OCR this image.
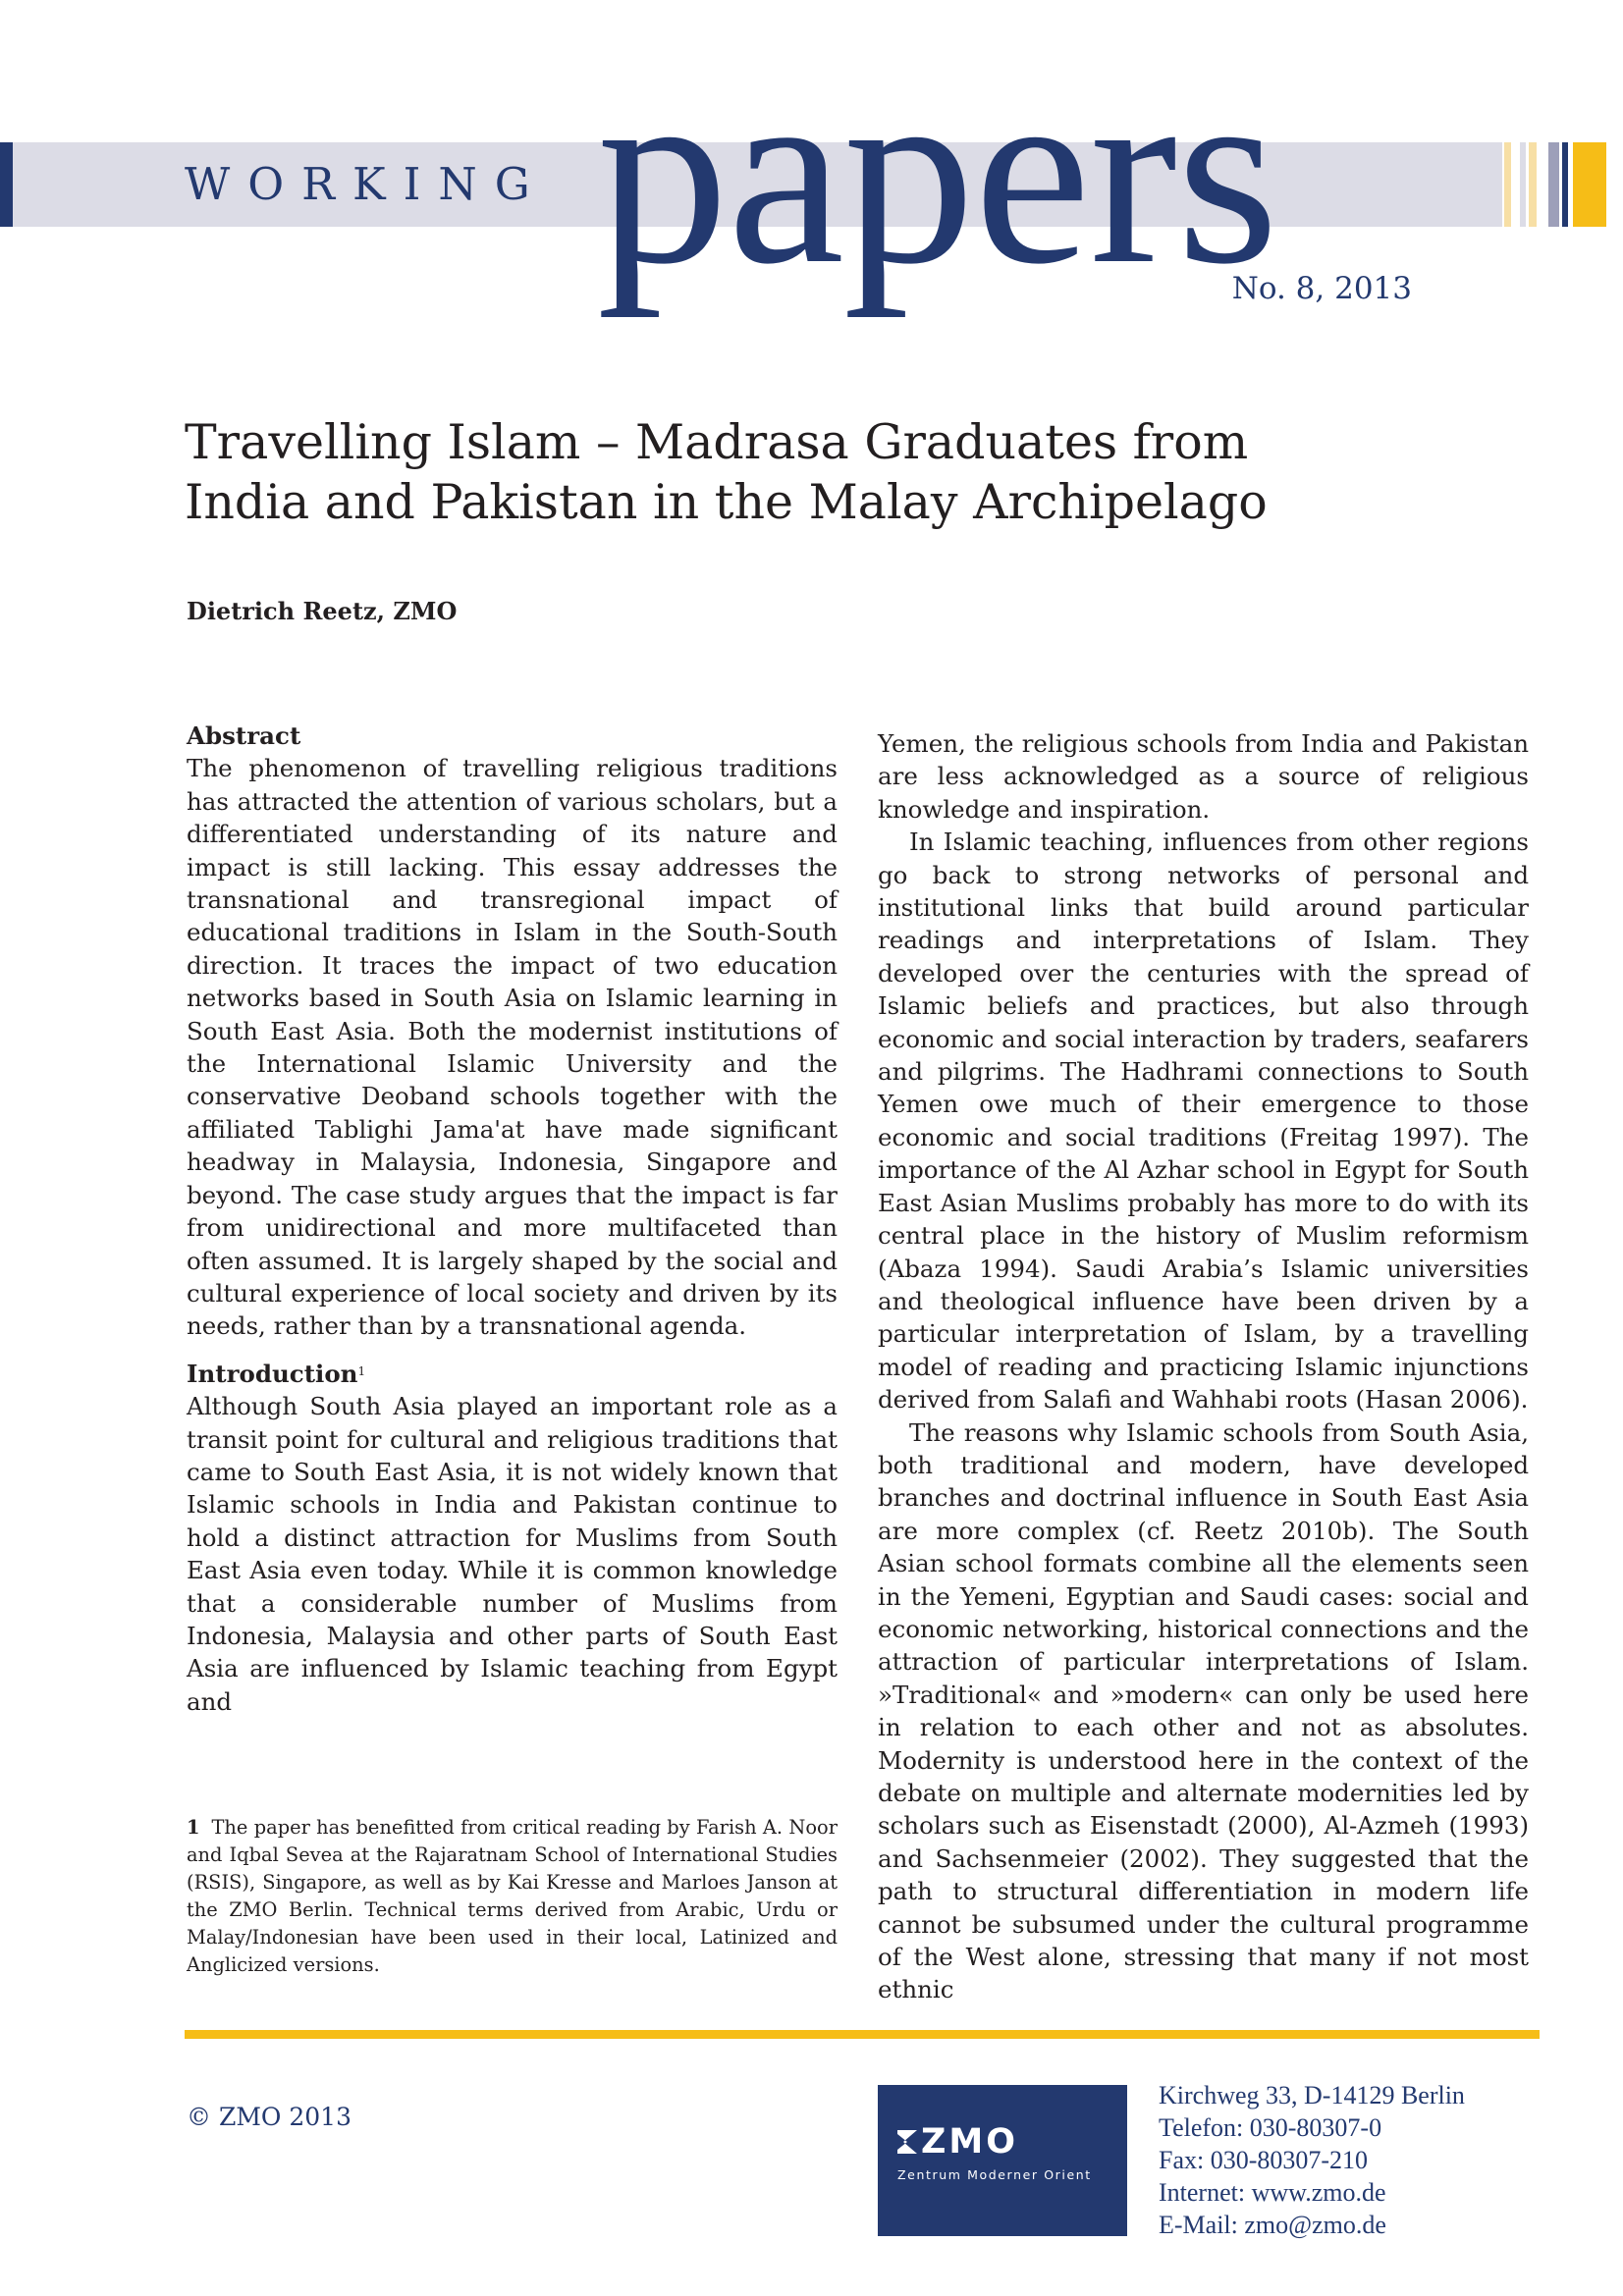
WORKING papers
No. 8, 2013
Travelling Islam – Madrasa Graduates from
India and Pakistan in the Malay Archipelago
Dietrich Reetz, ZMO
Abstract

The phenomenon of travelling religious traditions has attracted the attention of various scholars, but a differentiated understanding of its nature and impact is still lacking. This essay addresses the transnational and transregional impact of educational traditions in Islam in the South-South direction. It traces the impact of two education networks based in South Asia on Islamic learning in South East Asia. Both the modernist institutions of the International Islamic University and the conservative Deoband schools together with the affiliated Tablighi Jama'at have made significant headway in Malaysia, Indonesia, Singapore and beyond. The case study argues that the impact is far from unidirectional and more multifaceted than often assumed. It is largely shaped by the social and cultural experience of local society and driven by its needs, rather than by a transnational agenda.

Introduction$^1$

Although South Asia played an important role as a transit point for cultural and religious traditions that came to South East Asia, it is not widely known that Islamic schools in India and Pakistan continue to hold a distinct attraction for Muslims from South East Asia even today. While it is common knowledge that a considerable number of Muslims from Indonesia, Malaysia and other parts of South East Asia are influenced by Islamic teaching from Egypt and

1 The paper has benefitted from critical reading by Farish A. Noor and Iqbal Sevea at the Rajaratnam School of International Studies (RSIS), Singapore, as well as by Kai Kresse and Marloes Janson at the ZMO Berlin. Technical terms derived from Arabic, Urdu or Malay/Indonesian have been used in their local, Latinized and Anglicized versions.

Yemen, the religious schools from India and Pakistan are less acknowledged as a source of religious knowledge and inspiration.

In Islamic teaching, influences from other regions go back to strong networks of personal and institutional links that build around particular readings and interpretations of Islam. They developed over the centuries with the spread of Islamic beliefs and practices, but also through economic and social interaction by traders, seafarers and pilgrims. The Hadhrami connections to South Yemen owe much of their emergence to those economic and social traditions (Freitag 1997). The importance of the Al Azhar school in Egypt for South East Asian Muslims probably has more to do with its central place in the history of Muslim reformism (Abaza 1994). Saudi Arabia’s Islamic universities and theological influence have been driven by a particular interpretation of Islam, by a travelling model of reading and practicing Islamic injunctions derived from Salafi and Wahhabi roots (Hasan 2006).

The reasons why Islamic schools from South Asia, both traditional and modern, have developed branches and doctrinal influence in South East Asia are more complex (cf. Reetz 2010b). The South Asian school formats combine all the elements seen in the Yemeni, Egyptian and Saudi cases: social and economic networking, historical connections and the attraction of particular interpretations of Islam. »Traditional« and »modern« can only be used here in relation to each other and not as absolutes. Modernity is understood here in the context of the debate on multiple and alternate modernities led by scholars such as Eisenstadt (2000), Al-Azmeh (1993) and Sachsenmeier (2002). They suggested that the path to structural differentiation in modern life cannot be subsumed under the cultural programme of the West alone, stressing that many if not most ethnic

© ZMO 2013
ZMO
Zentrum Moderner Orient
Kirchweg 33, D-14129 Berlin
Telefon: 030-80307-0
Fax: 030-80307-210
Internet: www.zmo.de
E-Mail: zmo@zmo.de
